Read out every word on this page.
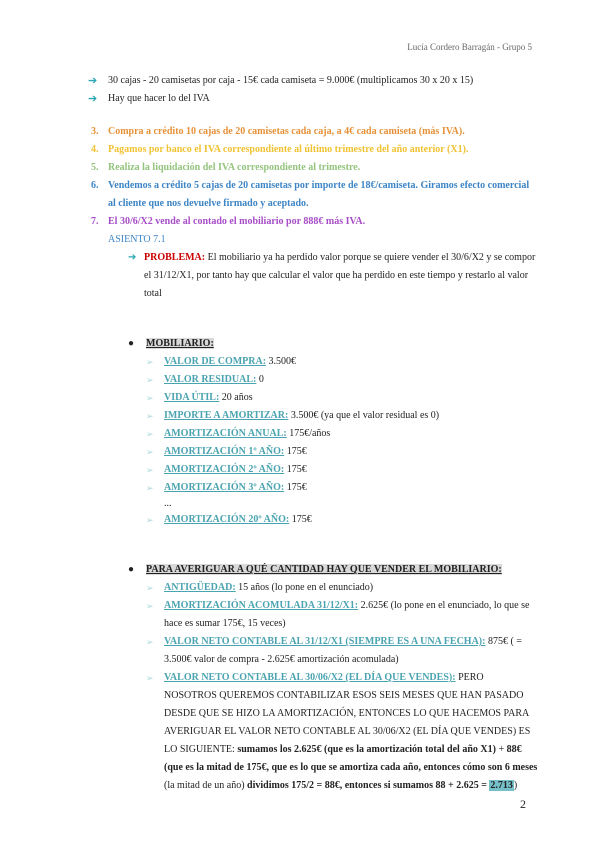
Lucía Cordero Barragán - Grupo 5
➔ 30 cajas - 20 camisetas por caja - 15€ cada camiseta = 9.000€ (multiplicamos 30 x 20 x 15)
➔ Hay que hacer lo del IVA
3. Compra a crédito 10 cajas de 20 camisetas cada caja, a 4€ cada camiseta (más IVA).
4. Pagamos por banco el IVA correspondiente al último trimestre del año anterior (X1).
5. Realiza la liquidación del IVA correspondiente al trimestre.
6. Vendemos a crédito 5 cajas de 20 camisetas por importe de 18€/camiseta. Giramos efecto comercial al cliente que nos devuelve firmado y aceptado.
7. El 30/6/X2 vende al contado el mobiliario por 888€ más IVA.
ASIENTO 7.1
➔ PROBLEMA: El mobiliario ya ha perdido valor porque se quiere vender el 30/6/X2 y se compor el 31/12/X1, por tanto hay que calcular el valor que ha perdido en este tiempo y restarlo al valor total
● MOBILIARIO:
➢ VALOR DE COMPRA: 3.500€
➢ VALOR RESIDUAL: 0
➢ VIDA ÚTIL: 20 años
➢ IMPORTE A AMORTIZAR: 3.500€ (ya que el valor residual es 0)
➢ AMORTIZACIÓN ANUAL: 175€/años
➢ AMORTIZACIÓN 1º AÑO: 175€
➢ AMORTIZACIÓN 2º AÑO: 175€
➢ AMORTIZACIÓN 3º AÑO: 175€
...
➢ AMORTIZACIÓN 20º AÑO: 175€
● PARA AVERIGUAR A QUÉ CANTIDAD HAY QUE VENDER EL MOBILIARIO:
➢ ANTIGÜEDAD: 15 años (lo pone en el enunciado)
➢ AMORTIZACIÓN ACOMULADA 31/12/X1: 2.625€ (lo pone en el enunciado, lo que se hace es sumar 175€, 15 veces)
➢ VALOR NETO CONTABLE AL 31/12/X1 (SIEMPRE ES A UNA FECHA): 875€ ( = 3.500€ valor de compra - 2.625€ amortización acomulada)
➢ VALOR NETO CONTABLE AL 30/06/X2 (EL DÍA QUE VENDES): PERO NOSOTROS QUEREMOS CONTABILIZAR ESOS SEIS MESES QUE HAN PASADO DESDE QUE SE HIZO LA AMORTIZACIÓN, ENTONCES LO QUE HACEMOS PARA AVERIGUAR EL VALOR NETO CONTABLE AL 30/06/X2 (EL DÍA QUE VENDES) ES LO SIGUIENTE: sumamos los 2.625€ (que es la amortización total del año X1) + 88€ (que es la mitad de 175€, que es lo que se amortiza cada año, entonces cómo son 6 meses (la mitad de un año) dividimos 175/2 = 88€, entonces si sumamos 88 + 2.625 = 2.713)
2
